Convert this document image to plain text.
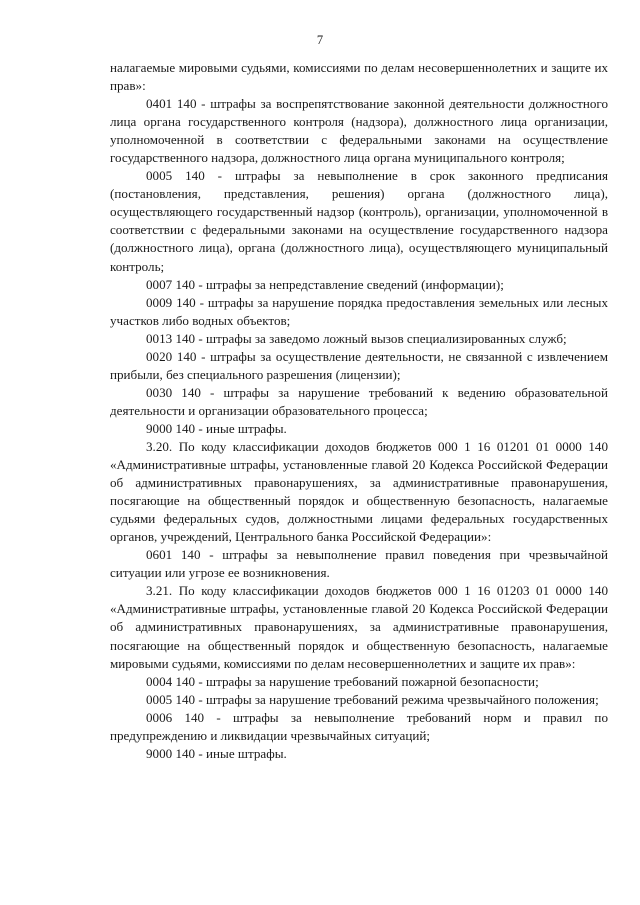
7

налагаемые мировыми судьями, комиссиями по делам несовершеннолетних и защите их прав»:

0401 140 - штрафы за воспрепятствование законной деятельности должностного лица органа государственного контроля (надзора), должностного лица организации, уполномоченной в соответствии с федеральными законами на осуществление государственного надзора, должностного лица органа муниципального контроля;

0005 140 - штрафы за невыполнение в срок законного предписания (постановления, представления, решения) органа (должностного лица), осуществляющего государственный надзор (контроль), организации, уполномоченной в соответствии с федеральными законами на осуществление государственного надзора (должностного лица), органа (должностного лица), осуществляющего муниципальный контроль;

0007 140 - штрафы за непредставление сведений (информации);

0009 140 - штрафы за нарушение порядка предоставления земельных или лесных участков либо водных объектов;

0013 140 - штрафы за заведомо ложный вызов специализированных служб;

0020 140 - штрафы за осуществление деятельности, не связанной с извлечением прибыли, без специального разрешения (лицензии);

0030 140 - штрафы за нарушение требований к ведению образовательной деятельности и организации образовательного процесса;

9000 140 - иные штрафы.

3.20. По коду классификации доходов бюджетов 000 1 16 01201 01 0000 140 «Административные штрафы, установленные главой 20 Кодекса Российской Федерации об административных правонарушениях, за административные правонарушения, посягающие на общественный порядок и общественную безопасность, налагаемые судьями федеральных судов, должностными лицами федеральных государственных органов, учреждений, Центрального банка Российской Федерации»:

0601 140 - штрафы за невыполнение правил поведения при чрезвычайной ситуации или угрозе ее возникновения.

3.21. По коду классификации доходов бюджетов 000 1 16 01203 01 0000 140 «Административные штрафы, установленные главой 20 Кодекса Российской Федерации об административных правонарушениях, за административные правонарушения, посягающие на общественный порядок и общественную безопасность, налагаемые мировыми судьями, комиссиями по делам несовершеннолетних и защите их прав»:

0004 140 - штрафы за нарушение требований пожарной безопасности;

0005 140 - штрафы за нарушение требований режима чрезвычайного положения;

0006 140 - штрафы за невыполнение требований норм и правил по предупреждению и ликвидации чрезвычайных ситуаций;

9000 140 - иные штрафы.
